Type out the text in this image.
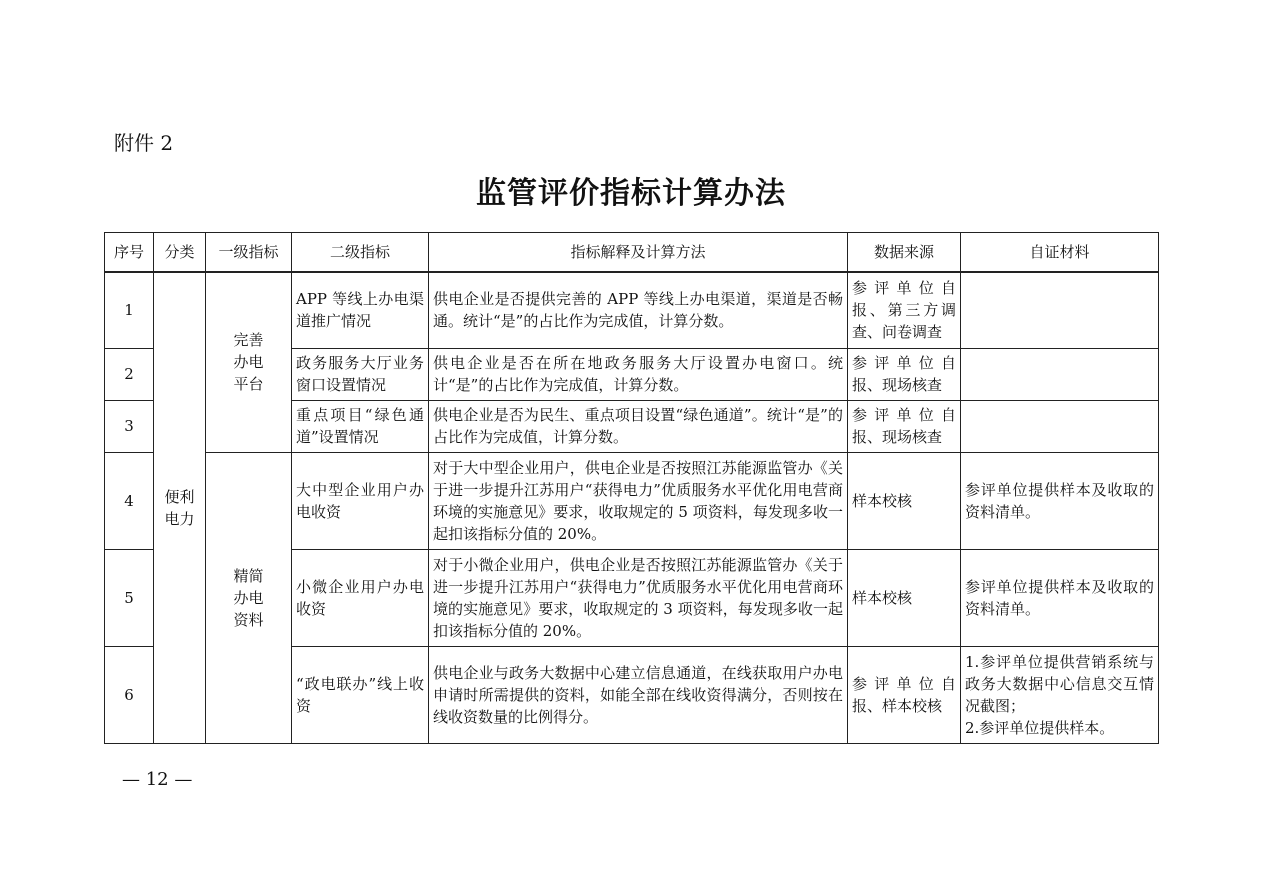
附件 2
监管评价指标计算办法
序号	分类	一级指标	二级指标	指标解释及计算方法	数据来源	自证材料
1	便利电力	完善办电平台	APP 等线上办电渠道推广情况	供电企业是否提供完善的 APP 等线上办电渠道，渠道是否畅通。统计“是”的占比作为完成值，计算分数。	参评单位自报、第三方调查、问卷调查	
2			政务服务大厅业务窗口设置情况	供电企业是否在所在地政务服务大厅设置办电窗口。统计“是”的占比作为完成值，计算分数。	参评单位自报、现场核查	
3			重点项目“绿色通道”设置情况	供电企业是否为民生、重点项目设置“绿色通道”。统计“是”的占比作为完成值，计算分数。	参评单位自报、现场核查	
4		精简办电资料	大中型企业用户办电收资	对于大中型企业用户，供电企业是否按照江苏能源监管办《关于进一步提升江苏用户“获得电力”优质服务水平优化用电营商环境的实施意见》要求，收取规定的 5 项资料，每发现多收一起扣该指标分值的 20%。	样本校核	参评单位提供样本及收取的资料清单。
5			小微企业用户办电收资	对于小微企业用户，供电企业是否按照江苏能源监管办《关于进一步提升江苏用户“获得电力”优质服务水平优化用电营商环境的实施意见》要求，收取规定的 3 项资料，每发现多收一起扣该指标分值的 20%。	样本校核	参评单位提供样本及收取的资料清单。
6			“政电联办”线上收资	供电企业与政务大数据中心建立信息通道，在线获取用户办电申请时所需提供的资料，如能全部在线收资得满分，否则按在线收资数量的比例得分。	参评单位自报、样本校核	1.参评单位提供营销系统与政务大数据中心信息交互情况截图；
2.参评单位提供样本。
— 12 —
